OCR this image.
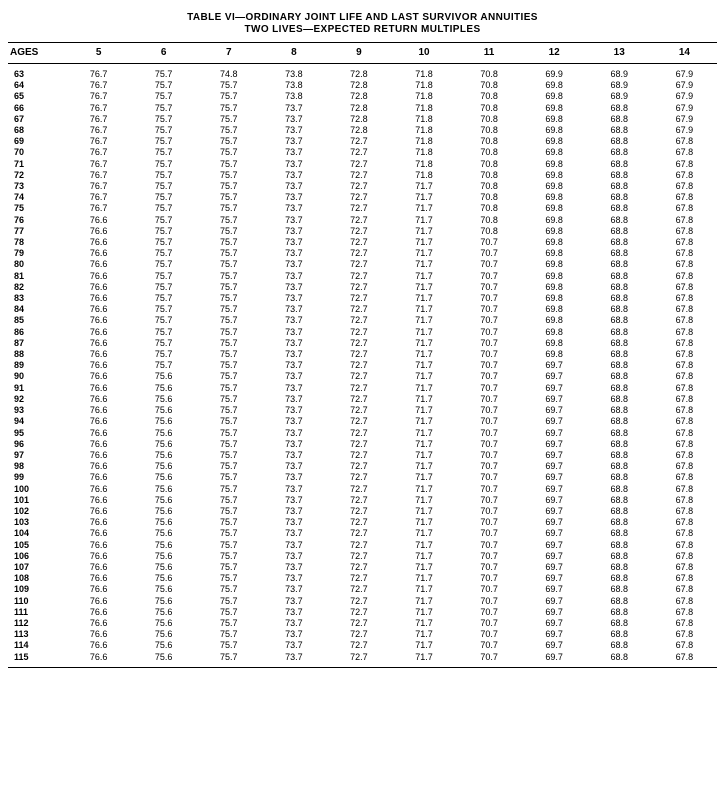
TABLE VI—ORDINARY JOINT LIFE AND LAST SURVIVOR ANNUITIES
TWO LIVES—EXPECTED RETURN MULTIPLES
AGES	5	6	7	8	9	10	11	12	13	14
63	76.7	75.7	74.8	73.8	72.8	71.8	70.8	69.9	68.9	67.9
64	76.7	75.7	75.7	73.8	72.8	71.8	70.8	69.8	68.9	67.9
65	76.7	75.7	75.7	73.8	72.8	71.8	70.8	69.8	68.9	67.9
66	76.7	75.7	75.7	73.7	72.8	71.8	70.8	69.8	68.8	67.9
67	76.7	75.7	75.7	73.7	72.8	71.8	70.8	69.8	68.8	67.9
68	76.7	75.7	75.7	73.7	72.8	71.8	70.8	69.8	68.8	67.9
69	76.7	75.7	75.7	73.7	72.7	71.8	70.8	69.8	68.8	67.8
70	76.7	75.7	75.7	73.7	72.7	71.8	70.8	69.8	68.8	67.8
71	76.7	75.7	75.7	73.7	72.7	71.8	70.8	69.8	68.8	67.8
72	76.7	75.7	75.7	73.7	72.7	71.8	70.8	69.8	68.8	67.8
73	76.7	75.7	75.7	73.7	72.7	71.7	70.8	69.8	68.8	67.8
74	76.7	75.7	75.7	73.7	72.7	71.7	70.8	69.8	68.8	67.8
75	76.7	75.7	75.7	73.7	72.7	71.7	70.8	69.8	68.8	67.8
76	76.6	75.7	75.7	73.7	72.7	71.7	70.8	69.8	68.8	67.8
77	76.6	75.7	75.7	73.7	72.7	71.7	70.8	69.8	68.8	67.8
78	76.6	75.7	75.7	73.7	72.7	71.7	70.7	69.8	68.8	67.8
79	76.6	75.7	75.7	73.7	72.7	71.7	70.7	69.8	68.8	67.8
80	76.6	75.7	75.7	73.7	72.7	71.7	70.7	69.8	68.8	67.8
81	76.6	75.7	75.7	73.7	72.7	71.7	70.7	69.8	68.8	67.8
82	76.6	75.7	75.7	73.7	72.7	71.7	70.7	69.8	68.8	67.8
83	76.6	75.7	75.7	73.7	72.7	71.7	70.7	69.8	68.8	67.8
84	76.6	75.7	75.7	73.7	72.7	71.7	70.7	69.8	68.8	67.8
85	76.6	75.7	75.7	73.7	72.7	71.7	70.7	69.8	68.8	67.8
86	76.6	75.7	75.7	73.7	72.7	71.7	70.7	69.8	68.8	67.8
87	76.6	75.7	75.7	73.7	72.7	71.7	70.7	69.8	68.8	67.8
88	76.6	75.7	75.7	73.7	72.7	71.7	70.7	69.8	68.8	67.8
89	76.6	75.7	75.7	73.7	72.7	71.7	70.7	69.7	68.8	67.8
90	76.6	75.6	75.7	73.7	72.7	71.7	70.7	69.7	68.8	67.8
91	76.6	75.6	75.7	73.7	72.7	71.7	70.7	69.7	68.8	67.8
92	76.6	75.6	75.7	73.7	72.7	71.7	70.7	69.7	68.8	67.8
93	76.6	75.6	75.7	73.7	72.7	71.7	70.7	69.7	68.8	67.8
94	76.6	75.6	75.7	73.7	72.7	71.7	70.7	69.7	68.8	67.8
95	76.6	75.6	75.7	73.7	72.7	71.7	70.7	69.7	68.8	67.8
96	76.6	75.6	75.7	73.7	72.7	71.7	70.7	69.7	68.8	67.8
97	76.6	75.6	75.7	73.7	72.7	71.7	70.7	69.7	68.8	67.8
98	76.6	75.6	75.7	73.7	72.7	71.7	70.7	69.7	68.8	67.8
99	76.6	75.6	75.7	73.7	72.7	71.7	70.7	69.7	68.8	67.8
100	76.6	75.6	75.7	73.7	72.7	71.7	70.7	69.7	68.8	67.8
101	76.6	75.6	75.7	73.7	72.7	71.7	70.7	69.7	68.8	67.8
102	76.6	75.6	75.7	73.7	72.7	71.7	70.7	69.7	68.8	67.8
103	76.6	75.6	75.7	73.7	72.7	71.7	70.7	69.7	68.8	67.8
104	76.6	75.6	75.7	73.7	72.7	71.7	70.7	69.7	68.8	67.8
105	76.6	75.6	75.7	73.7	72.7	71.7	70.7	69.7	68.8	67.8
106	76.6	75.6	75.7	73.7	72.7	71.7	70.7	69.7	68.8	67.8
107	76.6	75.6	75.7	73.7	72.7	71.7	70.7	69.7	68.8	67.8
108	76.6	75.6	75.7	73.7	72.7	71.7	70.7	69.7	68.8	67.8
109	76.6	75.6	75.7	73.7	72.7	71.7	70.7	69.7	68.8	67.8
110	76.6	75.6	75.7	73.7	72.7	71.7	70.7	69.7	68.8	67.8
111	76.6	75.6	75.7	73.7	72.7	71.7	70.7	69.7	68.8	67.8
112	76.6	75.6	75.7	73.7	72.7	71.7	70.7	69.7	68.8	67.8
113	76.6	75.6	75.7	73.7	72.7	71.7	70.7	69.7	68.8	67.8
114	76.6	75.6	75.7	73.7	72.7	71.7	70.7	69.7	68.8	67.8
115	76.6	75.6	75.7	73.7	72.7	71.7	70.7	69.7	68.8	67.8
